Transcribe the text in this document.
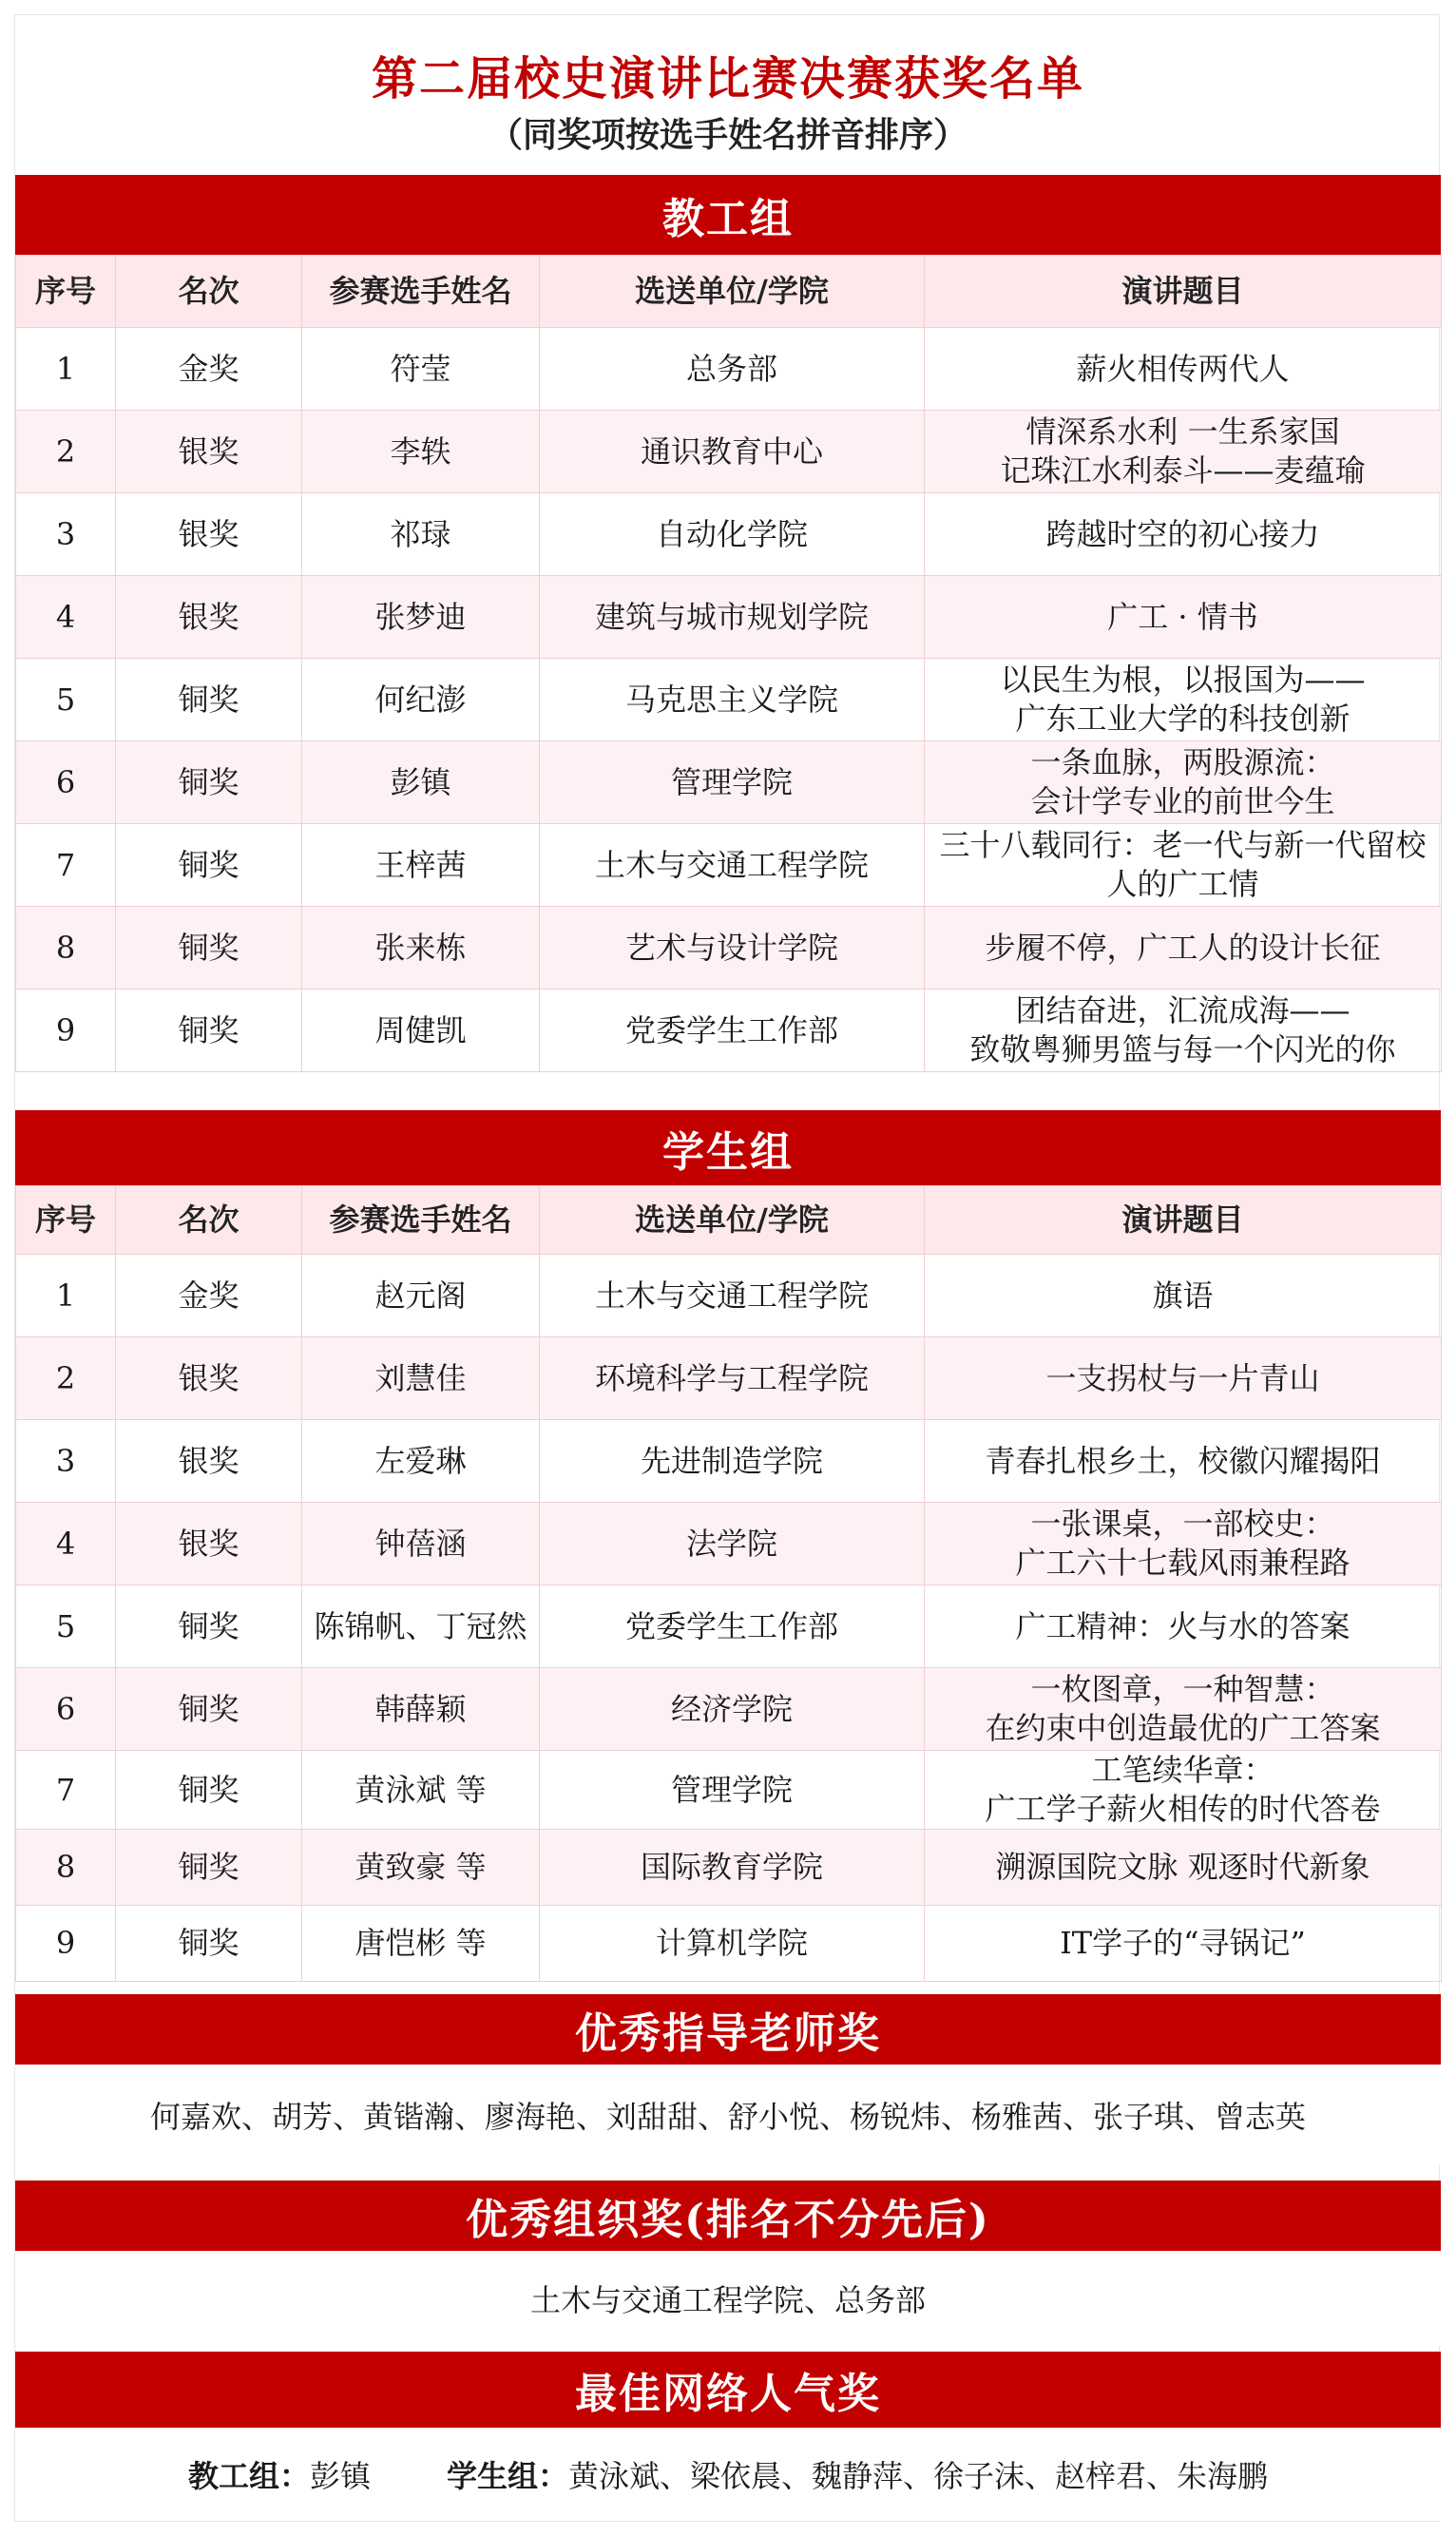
第二届校史演讲比赛决赛获奖名单
（同奖项按选手姓名拼音排序）
教工组
序号	名次	参赛选手姓名	选送单位/学院	演讲题目
1	金奖	符莹	总务部	薪火相传两代人
2	银奖	李轶	通识教育中心	情深系水利 一生系家国
记珠江水利泰斗——麦蕴瑜
3	银奖	祁琭	自动化学院	跨越时空的初心接力
4	银奖	张梦迪	建筑与城市规划学院	广工 · 情书
5	铜奖	何纪澎	马克思主义学院	以民生为根，以报国为——
广东工业大学的科技创新
6	铜奖	彭镇	管理学院	一条血脉，两股源流：
会计学专业的前世今生
7	铜奖	王梓茜	土木与交通工程学院	三十八载同行：老一代与新一代留校
人的广工情
8	铜奖	张来栋	艺术与设计学院	步履不停，广工人的设计长征
9	铜奖	周健凯	党委学生工作部	团结奋进，汇流成海——
致敬粤狮男篮与每一个闪光的你
学生组
序号	名次	参赛选手姓名	选送单位/学院	演讲题目
1	金奖	赵元阁	土木与交通工程学院	旗语
2	银奖	刘慧佳	环境科学与工程学院	一支拐杖与一片青山
3	银奖	左爱琳	先进制造学院	青春扎根乡土，校徽闪耀揭阳
4	银奖	钟蓓涵	法学院	一张课桌，一部校史：
广工六十七载风雨兼程路
5	铜奖	陈锦帆、丁冠然	党委学生工作部	广工精神：火与水的答案
6	铜奖	韩薛颖	经济学院	一枚图章，一种智慧：
在约束中创造最优的广工答案
7	铜奖	黄泳斌 等	管理学院	工笔续华章：
广工学子薪火相传的时代答卷
8	铜奖	黄致豪 等	国际教育学院	溯源国院文脉 观逐时代新象
9	铜奖	唐恺彬 等	计算机学院	IT学子的“寻锅记”
优秀指导老师奖
何嘉欢、胡芳、黄锴瀚、廖海艳、刘甜甜、舒小悦、杨锐炜、杨雅茜、张子琪、曾志英
优秀组织奖(排名不分先后)
土木与交通工程学院、总务部
最佳网络人气奖
教工组： 彭镇	学生组： 黄泳斌、梁依晨、魏静萍、徐子沫、赵梓君、朱海鹏
